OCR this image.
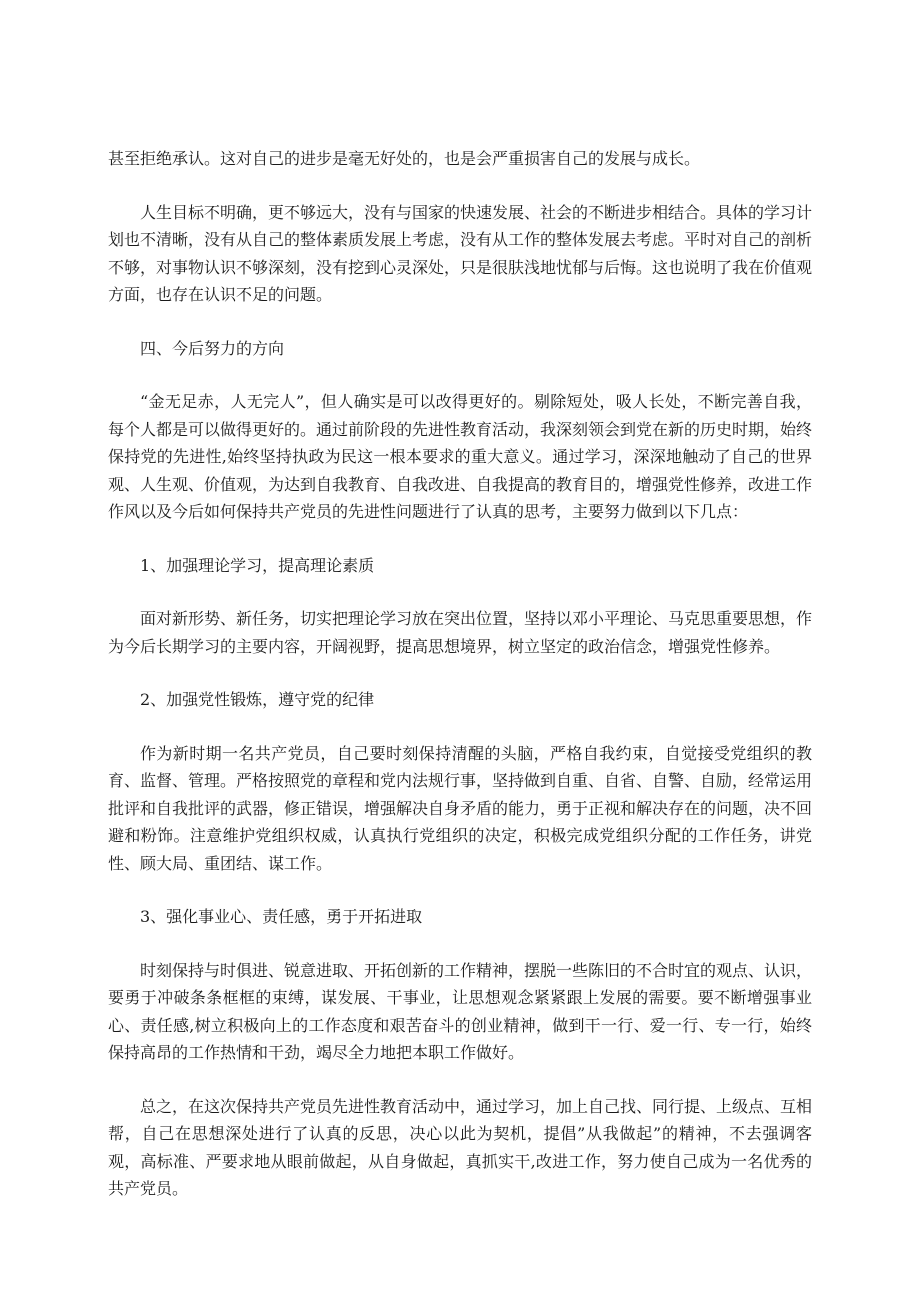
甚至拒绝承认。这对自己的进步是毫无好处的，也是会严重损害自己的发展与成长。

人生目标不明确，更不够远大，没有与国家的快速发展、社会的不断进步相结合。具体的学习计划也不清晰，没有从自己的整体素质发展上考虑，没有从工作的整体发展去考虑。平时对自己的剖析不够，对事物认识不够深刻，没有挖到心灵深处，只是很肤浅地忧郁与后悔。这也说明了我在价值观方面，也存在认识不足的问题。

四、今后努力的方向

“金无足赤，人无完人”，但人确实是可以改得更好的。剔除短处，吸人长处，不断完善自我，每个人都是可以做得更好的。通过前阶段的先进性教育活动，我深刻领会到党在新的历史时期，始终保持党的先进性,始终坚持执政为民这一根本要求的重大意义。通过学习，深深地触动了自己的世界观、人生观、价值观，为达到自我教育、自我改进、自我提高的教育目的，增强党性修养，改进工作作风以及今后如何保持共产党员的先进性问题进行了认真的思考，主要努力做到以下几点：

1、加强理论学习，提高理论素质

面对新形势、新任务，切实把理论学习放在突出位置，坚持以邓小平理论、马克思重要思想，作为今后长期学习的主要内容，开阔视野，提高思想境界，树立坚定的政治信念，增强党性修养。

2、加强党性锻炼，遵守党的纪律

作为新时期一名共产党员，自己要时刻保持清醒的头脑，严格自我约束，自觉接受党组织的教育、监督、管理。严格按照党的章程和党内法规行事，坚持做到自重、自省、自警、自励，经常运用批评和自我批评的武器，修正错误，增强解决自身矛盾的能力，勇于正视和解决存在的问题，决不回避和粉饰。注意维护党组织权威，认真执行党组织的决定，积极完成党组织分配的工作任务，讲党性、顾大局、重团结、谋工作。

3、强化事业心、责任感，勇于开拓进取

时刻保持与时俱进、锐意进取、开拓创新的工作精神，摆脱一些陈旧的不合时宜的观点、认识，要勇于冲破条条框框的束缚，谋发展、干事业，让思想观念紧紧跟上发展的需要。要不断增强事业心、责任感,树立积极向上的工作态度和艰苦奋斗的创业精神，做到干一行、爱一行、专一行，始终保持高昂的工作热情和干劲，竭尽全力地把本职工作做好。

总之，在这次保持共产党员先进性教育活动中，通过学习，加上自己找、同行提、上级点、互相帮，自己在思想深处进行了认真的反思，决心以此为契机，提倡”从我做起”的精神，不去强调客观，高标准、严要求地从眼前做起，从自身做起，真抓实干,改进工作，努力使自己成为一名优秀的共产党员。
